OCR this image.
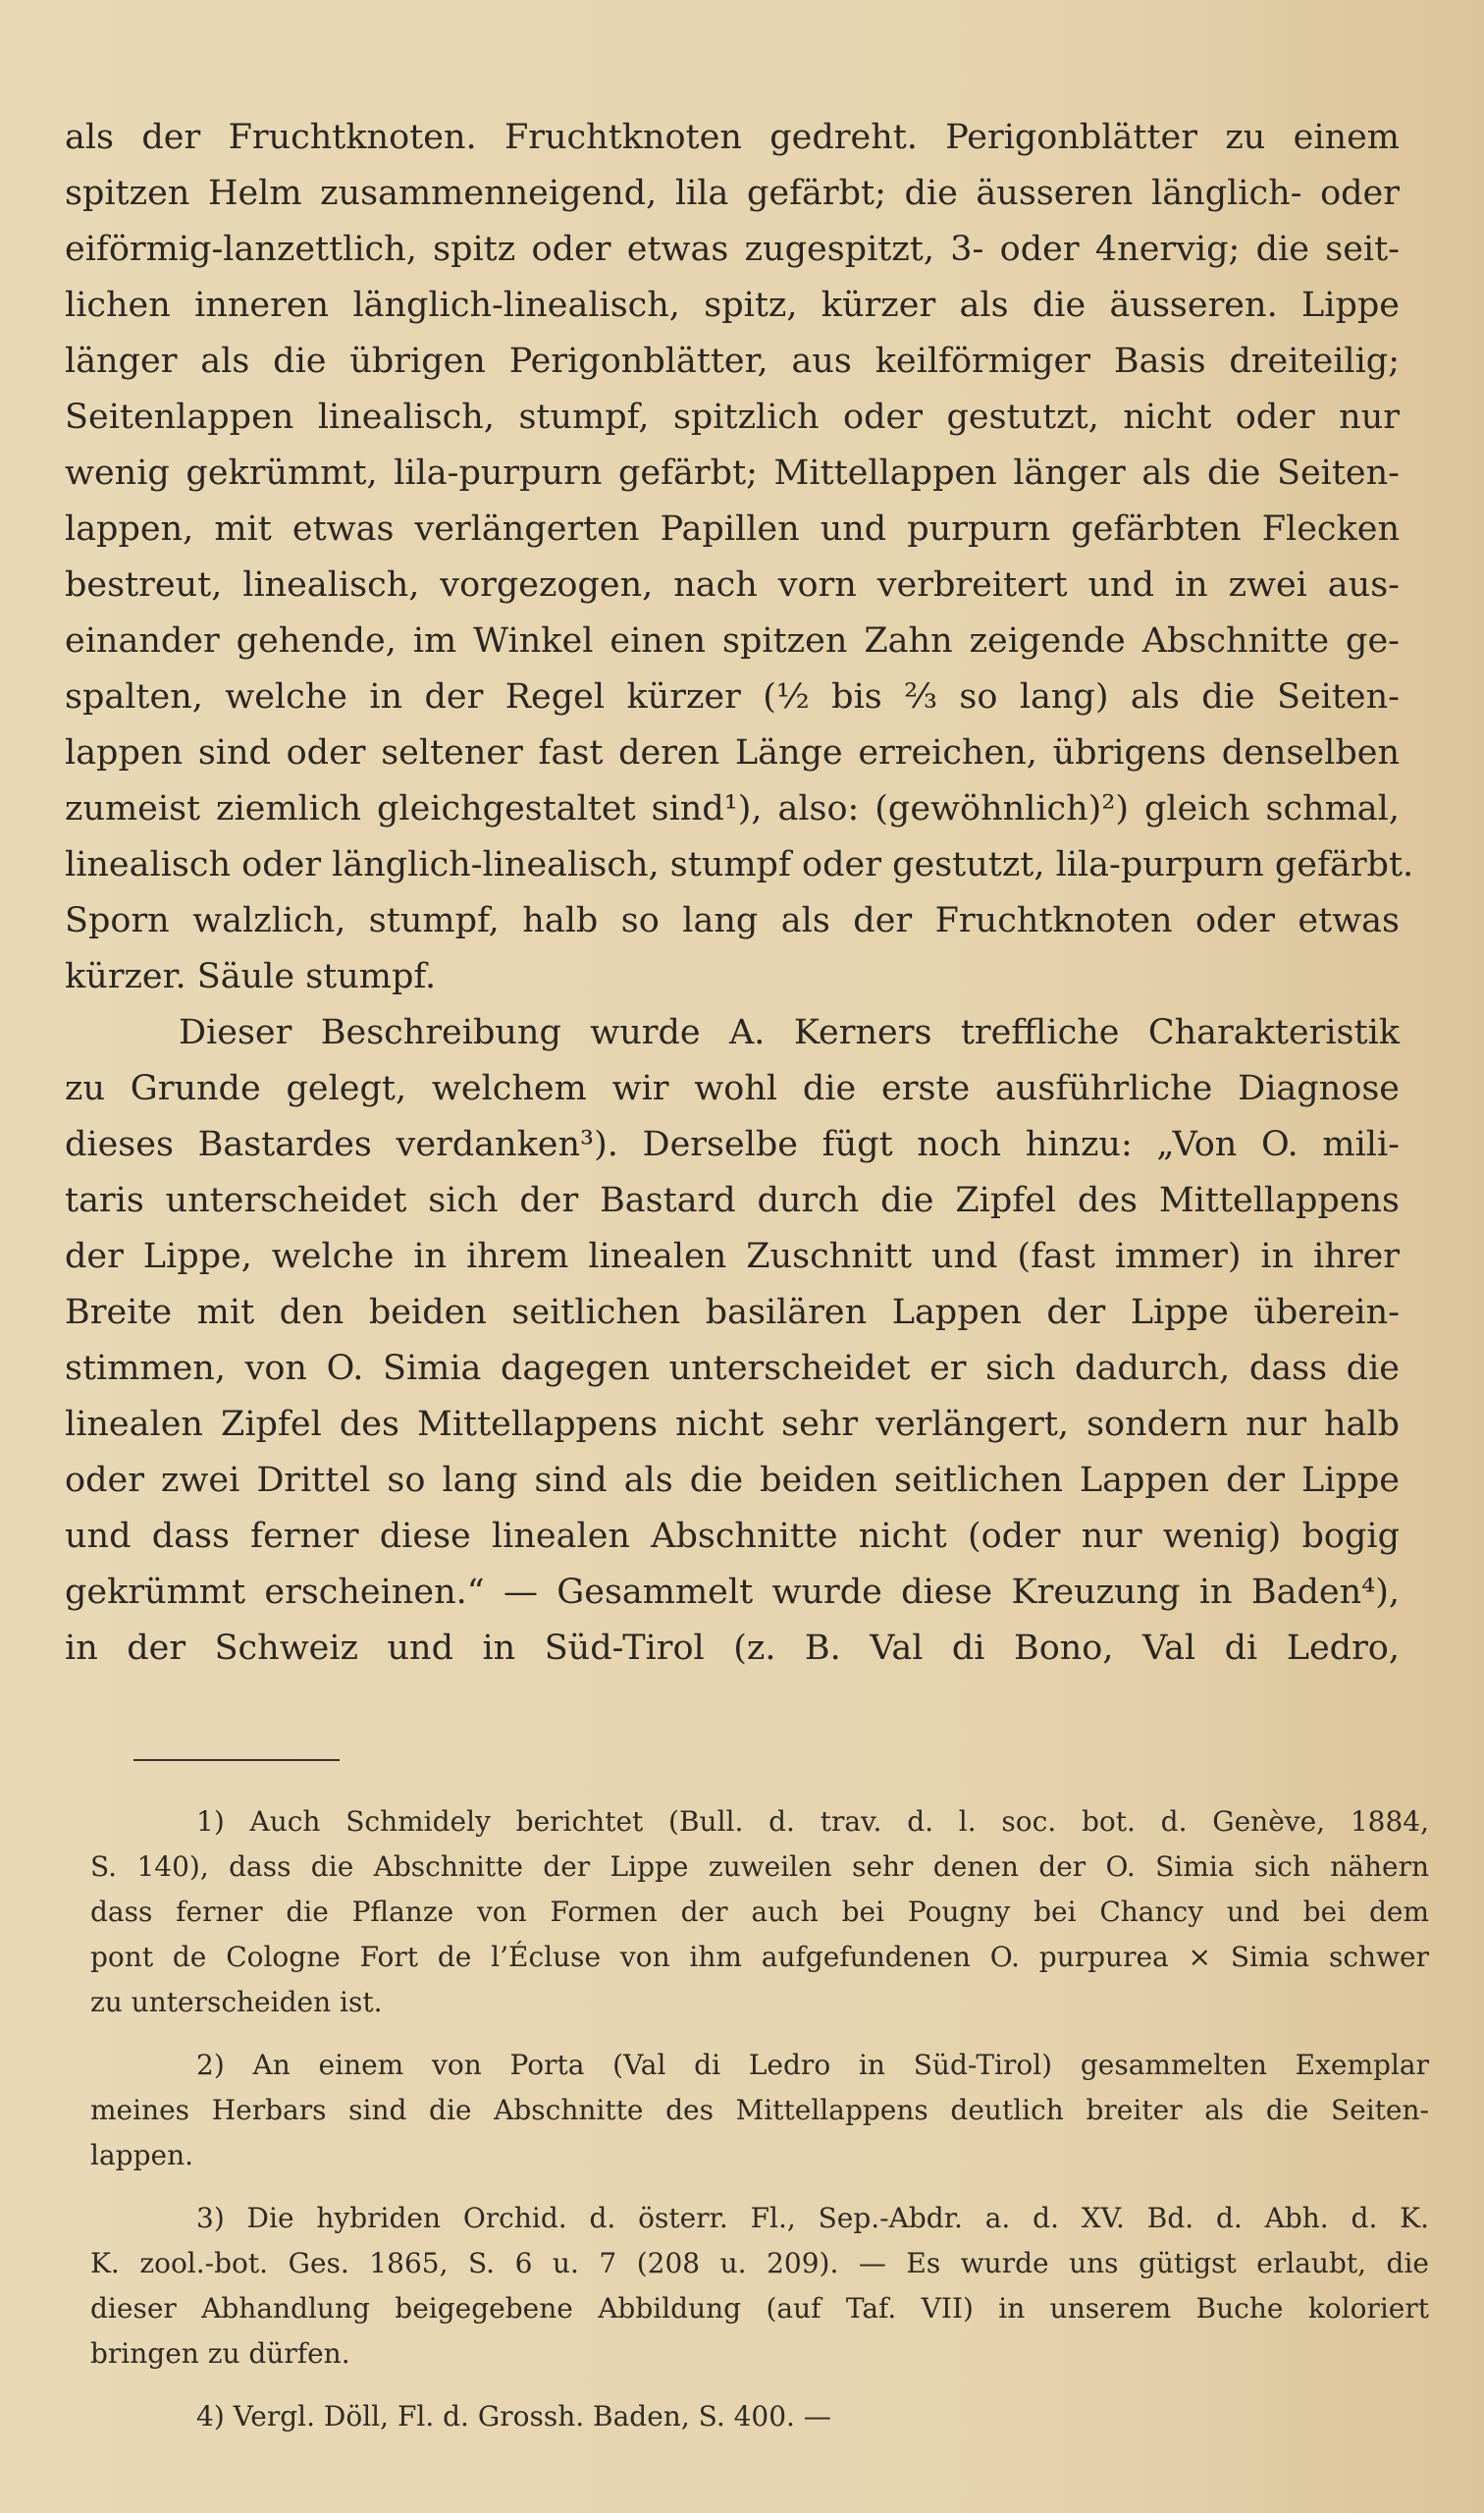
als der Fruchtknoten. Fruchtknoten gedreht. Perigonblätter zu einem
spitzen Helm zusammenneigend, lila gefärbt; die äusseren länglich- oder
eiförmig-lanzettlich, spitz oder etwas zugespitzt, 3- oder 4nervig; die seit-
lichen inneren länglich-linealisch, spitz, kürzer als die äusseren. Lippe
länger als die übrigen Perigonblätter, aus keilförmiger Basis dreiteilig;
Seitenlappen linealisch, stumpf, spitzlich oder gestutzt, nicht oder nur
wenig gekrümmt, lila-purpurn gefärbt; Mittellappen länger als die Seiten-
lappen, mit etwas verlängerten Papillen und purpurn gefärbten Flecken
bestreut, linealisch, vorgezogen, nach vorn verbreitert und in zwei aus-
einander gehende, im Winkel einen spitzen Zahn zeigende Abschnitte ge-
spalten, welche in der Regel kürzer (½ bis ⅔ so lang) als die Seiten-
lappen sind oder seltener fast deren Länge erreichen, übrigens denselben
zumeist ziemlich gleichgestaltet sind¹), also: (gewöhnlich)²) gleich schmal,
linealisch oder länglich-linealisch, stumpf oder gestutzt, lila-purpurn gefärbt.
Sporn walzlich, stumpf, halb so lang als der Fruchtknoten oder etwas
kürzer. Säule stumpf.
Dieser Beschreibung wurde A. Kerners treffliche Charakteristik
zu Grunde gelegt, welchem wir wohl die erste ausführliche Diagnose
dieses Bastardes verdanken³). Derselbe fügt noch hinzu: „Von O. mili-
taris unterscheidet sich der Bastard durch die Zipfel des Mittellappens
der Lippe, welche in ihrem linealen Zuschnitt und (fast immer) in ihrer
Breite mit den beiden seitlichen basilären Lappen der Lippe überein-
stimmen, von O. Simia dagegen unterscheidet er sich dadurch, dass die
linealen Zipfel des Mittellappens nicht sehr verlängert, sondern nur halb
oder zwei Drittel so lang sind als die beiden seitlichen Lappen der Lippe
und dass ferner diese linealen Abschnitte nicht (oder nur wenig) bogig
gekrümmt erscheinen.“ — Gesammelt wurde diese Kreuzung in Baden⁴),
in der Schweiz und in Süd-Tirol (z. B. Val di Bono, Val di Ledro,
1) Auch Schmidely berichtet (Bull. d. trav. d. l. soc. bot. d. Genève, 1884,
S. 140), dass die Abschnitte der Lippe zuweilen sehr denen der O. Simia sich nähern
dass ferner die Pflanze von Formen der auch bei Pougny bei Chancy und bei dem
pont de Cologne Fort de l’Écluse von ihm aufgefundenen O. purpurea × Simia schwer
zu unterscheiden ist.
2) An einem von Porta (Val di Ledro in Süd-Tirol) gesammelten Exemplar
meines Herbars sind die Abschnitte des Mittellappens deutlich breiter als die Seiten-
lappen.
3) Die hybriden Orchid. d. österr. Fl., Sep.-Abdr. a. d. XV. Bd. d. Abh. d. K.
K. zool.-bot. Ges. 1865, S. 6 u. 7 (208 u. 209). — Es wurde uns gütigst erlaubt, die
dieser Abhandlung beigegebene Abbildung (auf Taf. VII) in unserem Buche koloriert
bringen zu dürfen.
4) Vergl. Döll, Fl. d. Grossh. Baden, S. 400. —
